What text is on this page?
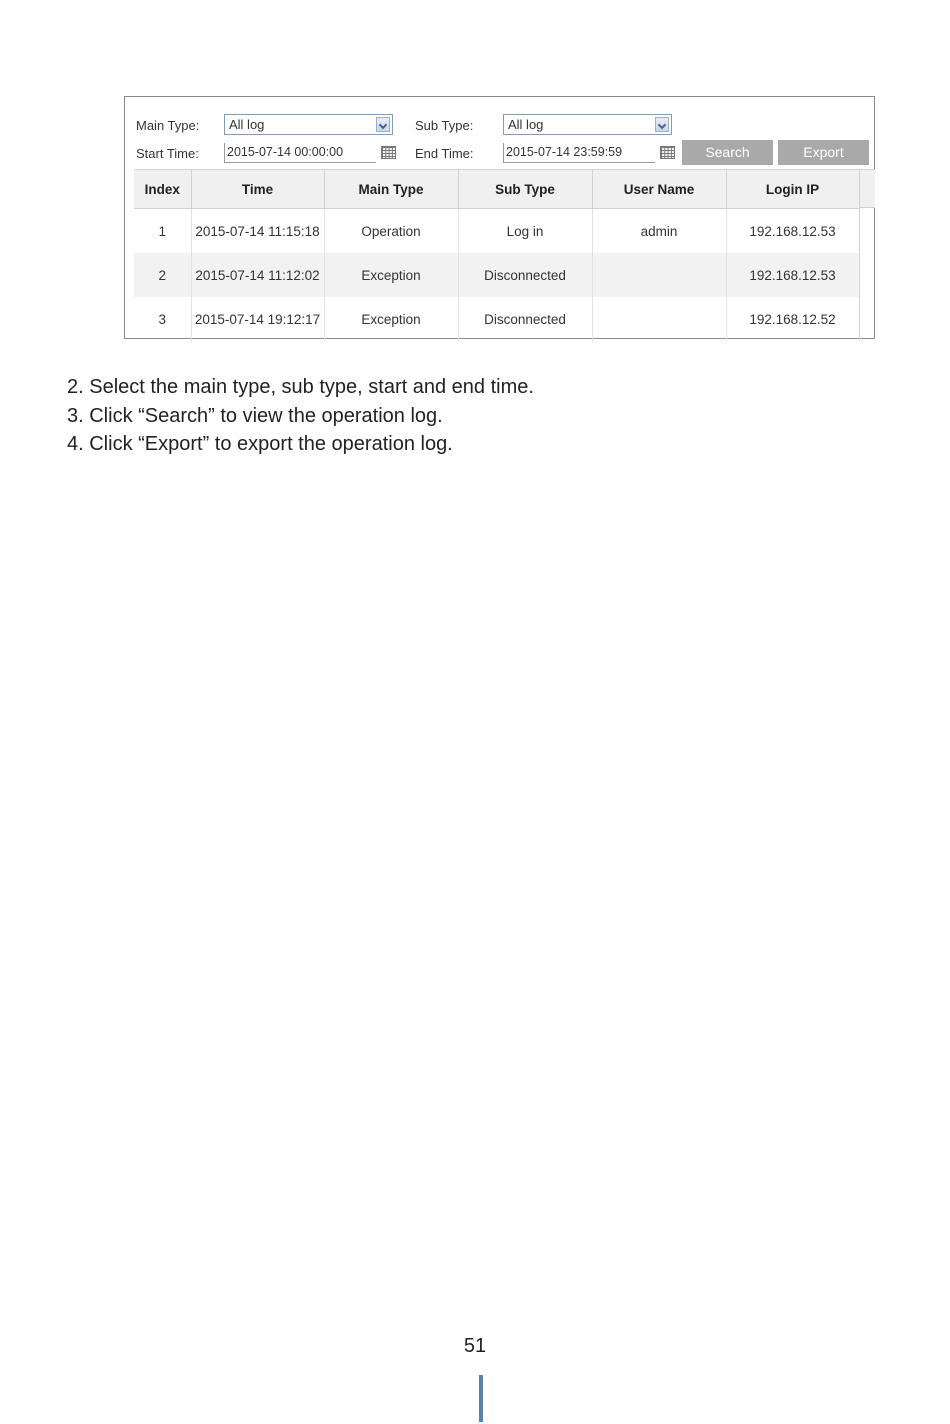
Main Type:	All log	Sub Type:	All log
Start Time: 2015-07-14 00:00:00	End Time:	2015-07-14 23:59:59	Search	Export
Index	Time	Main Type	Sub Type	User Name	Login IP
1	2015-07-14 11:15:18	Operation	Log in	admin	192.168.12.53
2	2015-07-14 11:12:02	Exception	Disconnected		192.168.12.53
3	2015-07-14 19:12:17	Exception	Disconnected		192.168.12.52
2. Select the main type, sub type, start and end time.
3. Click “Search” to view the operation log.
4. Click “Export” to export the operation log.
51
